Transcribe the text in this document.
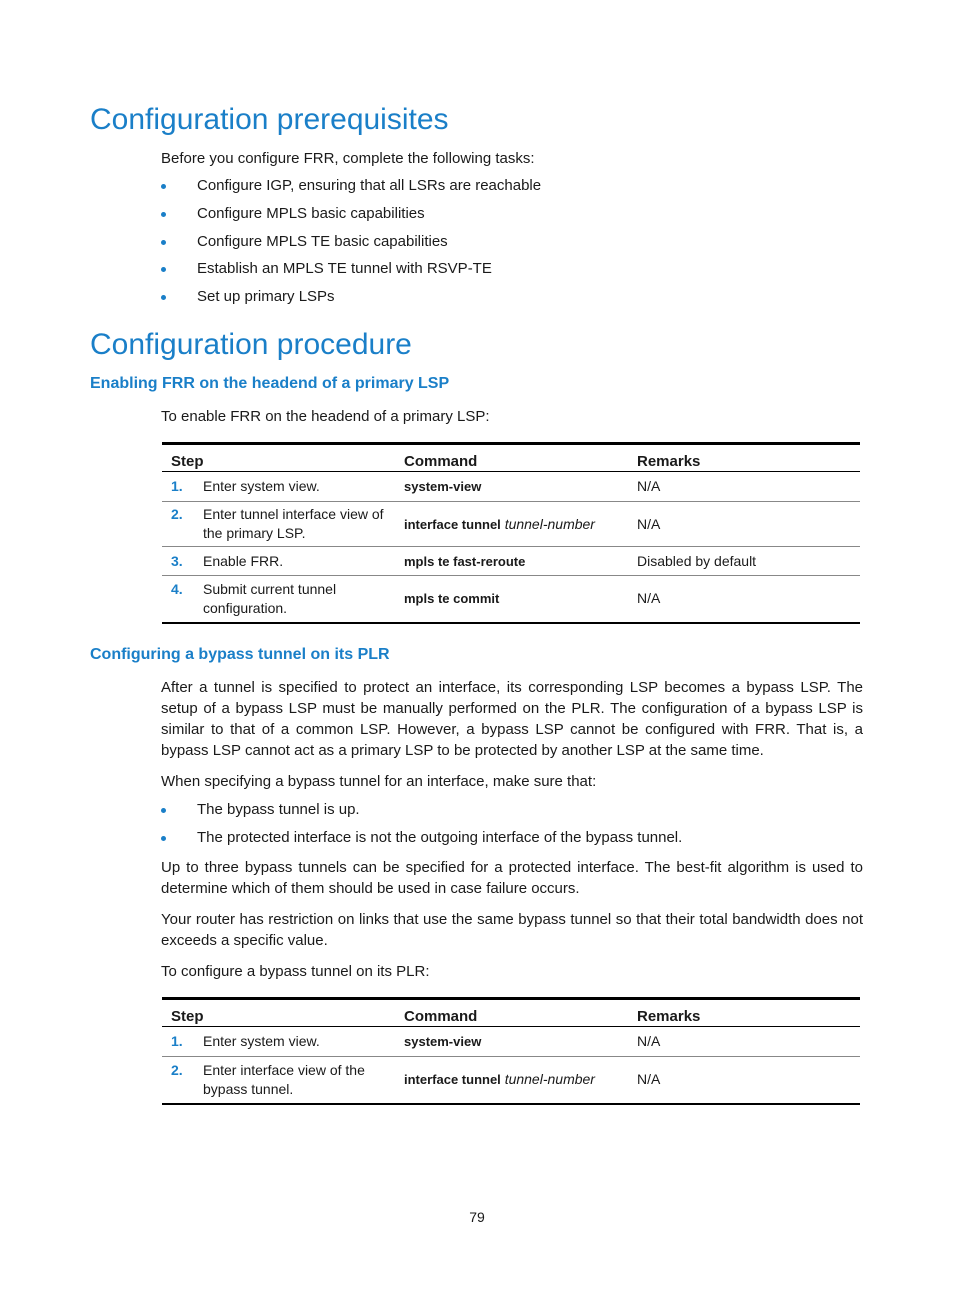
Configuration prerequisites

Before you configure FRR, complete the following tasks:

Configure IGP, ensuring that all LSRs are reachable
Configure MPLS basic capabilities
Configure MPLS TE basic capabilities
Establish an MPLS TE tunnel with RSVP-TE
Set up primary LSPs
Configuration procedure
Enabling FRR on the headend of a primary LSP

To enable FRR on the headend of a primary LSP:

Step	Command	Remarks
1. Enter system view.	system-view	N/A
2. Enter tunnel interface view of the primary LSP.	interface tunnel tunnel-number	N/A
3. Enable FRR.	mpls te fast-reroute	Disabled by default
4. Submit current tunnel configuration.	mpls te commit	N/A
Configuring a bypass tunnel on its PLR

After a tunnel is specified to protect an interface, its corresponding LSP becomes a bypass LSP. The setup of a bypass LSP must be manually performed on the PLR. The configuration of a bypass LSP is similar to that of a common LSP. However, a bypass LSP cannot be configured with FRR. That is, a bypass LSP cannot act as a primary LSP to be protected by another LSP at the same time.

When specifying a bypass tunnel for an interface, make sure that:

The bypass tunnel is up.
The protected interface is not the outgoing interface of the bypass tunnel.

Up to three bypass tunnels can be specified for a protected interface. The best-fit algorithm is used to determine which of them should be used in case failure occurs.

Your router has restriction on links that use the same bypass tunnel so that their total bandwidth does not exceeds a specific value.

To configure a bypass tunnel on its PLR:

Step	Command	Remarks
1. Enter system view.	system-view	N/A
2. Enter interface view of the bypass tunnel.	interface tunnel tunnel-number	N/A
79
